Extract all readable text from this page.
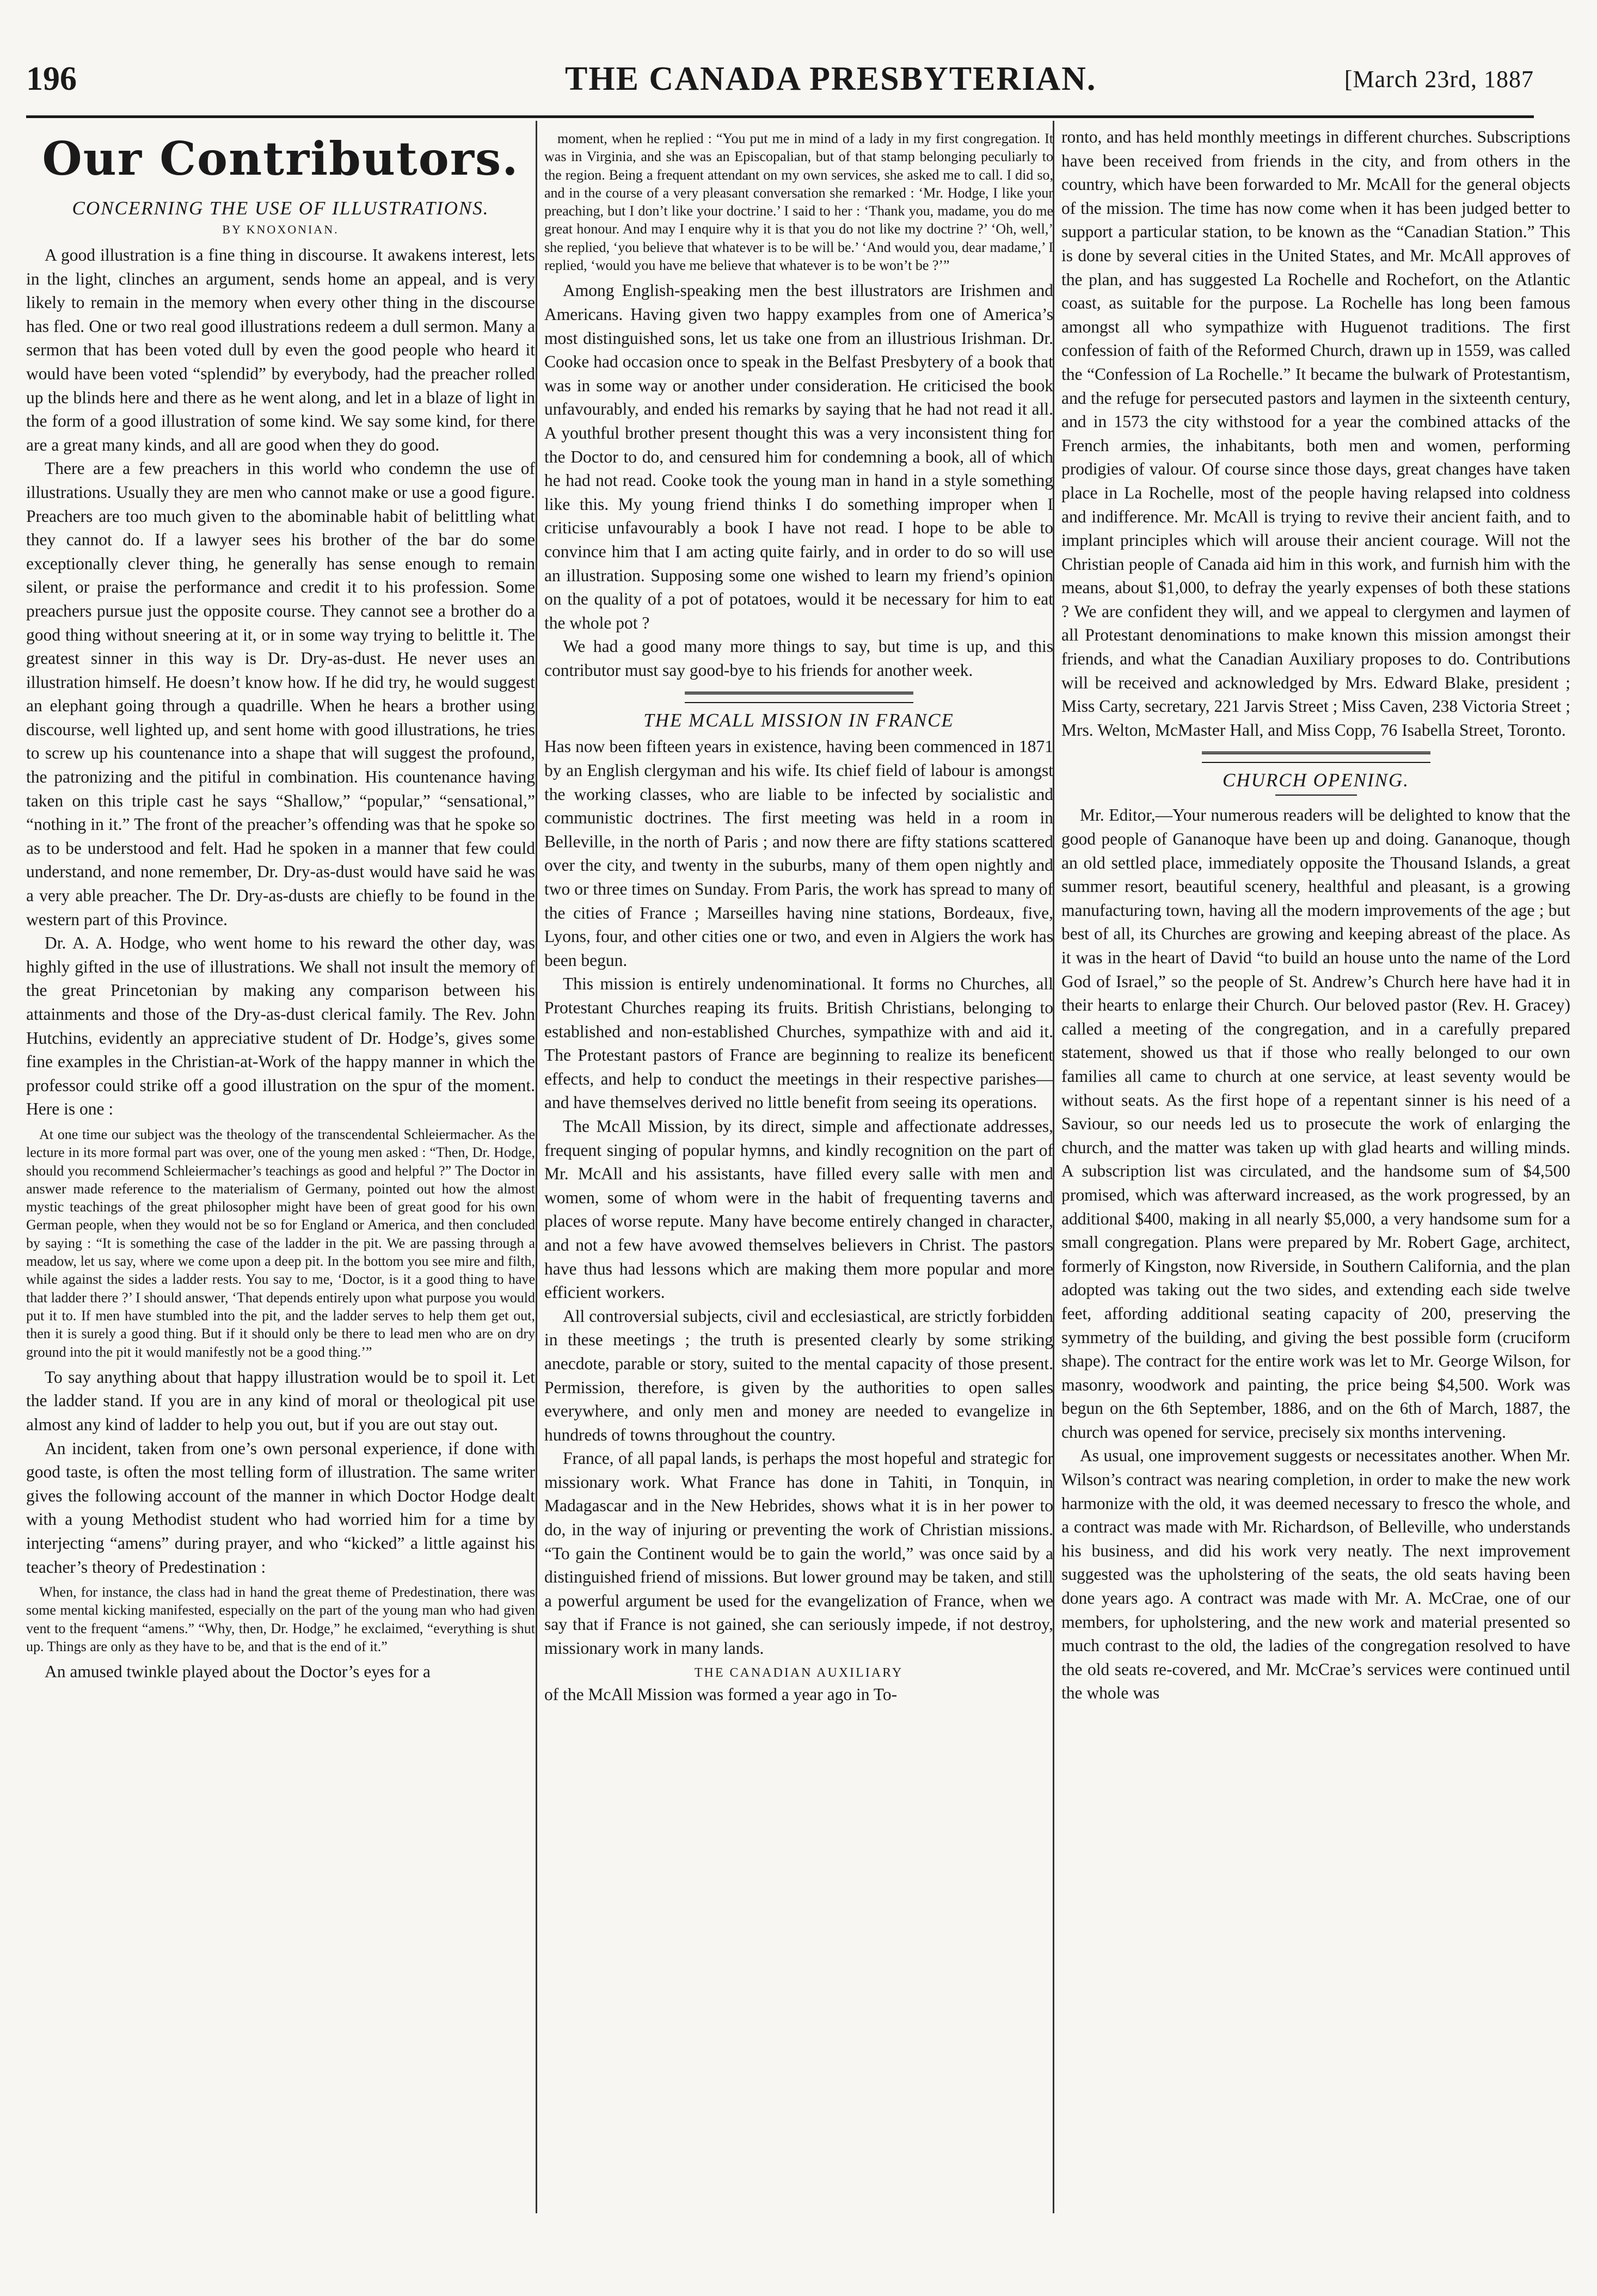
196	THE CANADA PRESBYTERIAN.	[March 23rd, 1887
Our Contributors.
CONCERNING THE USE OF ILLUSTRATIONS.
BY KNOXONIAN.

A good illustration is a fine thing in discourse. It awakens interest, lets in the light, clinches an argument, sends home an appeal, and is very likely to remain in the memory when every other thing in the discourse has fled. One or two real good illustrations redeem a dull sermon. Many a sermon that has been voted dull by even the good people who heard it would have been voted “splendid” by everybody, had the preacher rolled up the blinds here and there as he went along, and let in a blaze of light in the form of a good illustration of some kind. We say some kind, for there are a great many kinds, and all are good when they do good.

There are a few preachers in this world who condemn the use of illustrations. Usually they are men who cannot make or use a good figure. Preachers are too much given to the abominable habit of belittling what they cannot do. If a lawyer sees his brother of the bar do some exceptionally clever thing, he generally has sense enough to remain silent, or praise the performance and credit it to his profession. Some preachers pursue just the opposite course. They cannot see a brother do a good thing without sneering at it, or in some way trying to belittle it. The greatest sinner in this way is Dr. Dry-as-dust. He never uses an illustration himself. He doesn’t know how. If he did try, he would suggest an elephant going through a quadrille. When he hears a brother using discourse, well lighted up, and sent home with good illustrations, he tries to screw up his countenance into a shape that will suggest the profound, the patronizing and the pitiful in combination. His countenance having taken on this triple cast he says “Shallow,” “popular,” “sensational,” “nothing in it.” The front of the preacher’s offending was that he spoke so as to be understood and felt. Had he spoken in a manner that few could understand, and none remember, Dr. Dry-as-dust would have said he was a very able preacher. The Dr. Dry-as-dusts are chiefly to be found in the western part of this Province.

Dr. A. A. Hodge, who went home to his reward the other day, was highly gifted in the use of illustrations. We shall not insult the memory of the great Princetonian by making any comparison between his attainments and those of the Dry-as-dust clerical family. The Rev. John Hutchins, evidently an appreciative student of Dr. Hodge’s, gives some fine examples in the Christian-at-Work of the happy manner in which the professor could strike off a good illustration on the spur of the moment. Here is one :

At one time our subject was the theology of the transcendental Schleiermacher. As the lecture in its more formal part was over, one of the young men asked : “Then, Dr. Hodge, should you recommend Schleiermacher’s teachings as good and helpful ?” The Doctor in answer made reference to the materialism of Germany, pointed out how the almost mystic teachings of the great philosopher might have been of great good for his own German people, when they would not be so for England or America, and then concluded by saying : “It is something the case of the ladder in the pit. We are passing through a meadow, let us say, where we come upon a deep pit. In the bottom you see mire and filth, while against the sides a ladder rests. You say to me, ‘Doctor, is it a good thing to have that ladder there ?’ I should answer, ‘That depends entirely upon what purpose you would put it to. If men have stumbled into the pit, and the ladder serves to help them get out, then it is surely a good thing. But if it should only be there to lead men who are on dry ground into the pit it would manifestly not be a good thing.’”

To say anything about that happy illustration would be to spoil it. Let the ladder stand. If you are in any kind of moral or theological pit use almost any kind of ladder to help you out, but if you are out stay out.

An incident, taken from one’s own personal experience, if done with good taste, is often the most telling form of illustration. The same writer gives the following account of the manner in which Doctor Hodge dealt with a young Methodist student who had worried him for a time by interjecting “amens” during prayer, and who “kicked” a little against his teacher’s theory of Predestination :

When, for instance, the class had in hand the great theme of Predestination, there was some mental kicking manifested, especially on the part of the young man who had given vent to the frequent “amens.” “Why, then, Dr. Hodge,” he exclaimed, “everything is shut up. Things are only as they have to be, and that is the end of it.”

An amused twinkle played about the Doctor’s eyes for a

moment, when he replied : “You put me in mind of a lady in my first congregation. It was in Virginia, and she was an Episcopalian, but of that stamp belonging peculiarly to the region. Being a frequent attendant on my own services, she asked me to call. I did so, and in the course of a very pleasant conversation she remarked : ‘Mr. Hodge, I like your preaching, but I don’t like your doctrine.’ I said to her : ‘Thank you, madame, you do me great honour. And may I enquire why it is that you do not like my doctrine ?’ ‘Oh, well,’ she replied, ‘you believe that whatever is to be will be.’ ‘And would you, dear madame,’ I replied, ‘would you have me believe that whatever is to be won’t be ?’”

Among English-speaking men the best illustrators are Irishmen and Americans. Having given two happy examples from one of America’s most distinguished sons, let us take one from an illustrious Irishman. Dr. Cooke had occasion once to speak in the Belfast Presbytery of a book that was in some way or another under consideration. He criticised the book unfavourably, and ended his remarks by saying that he had not read it all. A youthful brother present thought this was a very inconsistent thing for the Doctor to do, and censured him for condemning a book, all of which he had not read. Cooke took the young man in hand in a style something like this. My young friend thinks I do something improper when I criticise unfavourably a book I have not read. I hope to be able to convince him that I am acting quite fairly, and in order to do so will use an illustration. Supposing some one wished to learn my friend’s opinion on the quality of a pot of potatoes, would it be necessary for him to eat the whole pot ?

We had a good many more things to say, but time is up, and this contributor must say good-bye to his friends for another week.

THE MCALL MISSION IN FRANCE

Has now been fifteen years in existence, having been commenced in 1871 by an English clergyman and his wife. Its chief field of labour is amongst the working classes, who are liable to be infected by socialistic and communistic doctrines. The first meeting was held in a room in Belleville, in the north of Paris ; and now there are fifty stations scattered over the city, and twenty in the suburbs, many of them open nightly and two or three times on Sunday. From Paris, the work has spread to many of the cities of France ; Marseilles having nine stations, Bordeaux, five, Lyons, four, and other cities one or two, and even in Algiers the work has been begun.

This mission is entirely undenominational. It forms no Churches, all Protestant Churches reaping its fruits. British Christians, belonging to established and non-established Churches, sympathize with and aid it. The Protestant pastors of France are beginning to realize its beneficent effects, and help to conduct the meetings in their respective parishes—and have themselves derived no little benefit from seeing its operations.

The McAll Mission, by its direct, simple and affectionate addresses, frequent singing of popular hymns, and kindly recognition on the part of Mr. McAll and his assistants, have filled every salle with men and women, some of whom were in the habit of frequenting taverns and places of worse repute. Many have become entirely changed in character, and not a few have avowed themselves believers in Christ. The pastors have thus had lessons which are making them more popular and more efficient workers.

All controversial subjects, civil and ecclesiastical, are strictly forbidden in these meetings ; the truth is presented clearly by some striking anecdote, parable or story, suited to the mental capacity of those present. Permission, therefore, is given by the authorities to open salles everywhere, and only men and money are needed to evangelize in hundreds of towns throughout the country.

France, of all papal lands, is perhaps the most hopeful and strategic for missionary work. What France has done in Tahiti, in Tonquin, in Madagascar and in the New Hebrides, shows what it is in her power to do, in the way of injuring or preventing the work of Christian missions. “To gain the Continent would be to gain the world,” was once said by a distinguished friend of missions. But lower ground may be taken, and still a powerful argument be used for the evangelization of France, when we say that if France is not gained, she can seriously impede, if not destroy, missionary work in many lands.

THE CANADIAN AUXILIARY

of the McAll Mission was formed a year ago in To-

ronto, and has held monthly meetings in different churches. Subscriptions have been received from friends in the city, and from others in the country, which have been forwarded to Mr. McAll for the general objects of the mission. The time has now come when it has been judged better to support a particular station, to be known as the “Canadian Station.” This is done by several cities in the United States, and Mr. McAll approves of the plan, and has suggested La Rochelle and Rochefort, on the Atlantic coast, as suitable for the purpose. La Rochelle has long been famous amongst all who sympathize with Huguenot traditions. The first confession of faith of the Reformed Church, drawn up in 1559, was called the “Confession of La Rochelle.” It became the bulwark of Protestantism, and the refuge for persecuted pastors and laymen in the sixteenth century, and in 1573 the city withstood for a year the combined attacks of the French armies, the inhabitants, both men and women, performing prodigies of valour. Of course since those days, great changes have taken place in La Rochelle, most of the people having relapsed into coldness and indifference. Mr. McAll is trying to revive their ancient faith, and to implant principles which will arouse their ancient courage. Will not the Christian people of Canada aid him in this work, and furnish him with the means, about $1,000, to defray the yearly expenses of both these stations ? We are confident they will, and we appeal to clergymen and laymen of all Protestant denominations to make known this mission amongst their friends, and what the Canadian Auxiliary proposes to do. Contributions will be received and acknowledged by Mrs. Edward Blake, president ; Miss Carty, secretary, 221 Jarvis Street ; Miss Caven, 238 Victoria Street ; Mrs. Welton, McMaster Hall, and Miss Copp, 76 Isabella Street, Toronto.

CHURCH OPENING.

Mr. Editor,—Your numerous readers will be delighted to know that the good people of Gananoque have been up and doing. Gananoque, though an old settled place, immediately opposite the Thousand Islands, a great summer resort, beautiful scenery, healthful and pleasant, is a growing manufacturing town, having all the modern improvements of the age ; but best of all, its Churches are growing and keeping abreast of the place. As it was in the heart of David “to build an house unto the name of the Lord God of Israel,” so the people of St. Andrew’s Church here have had it in their hearts to enlarge their Church. Our beloved pastor (Rev. H. Gracey) called a meeting of the congregation, and in a carefully prepared statement, showed us that if those who really belonged to our own families all came to church at one service, at least seventy would be without seats. As the first hope of a repentant sinner is his need of a Saviour, so our needs led us to prosecute the work of enlarging the church, and the matter was taken up with glad hearts and willing minds. A subscription list was circulated, and the handsome sum of $4,500 promised, which was afterward increased, as the work progressed, by an additional $400, making in all nearly $5,000, a very handsome sum for a small congregation. Plans were prepared by Mr. Robert Gage, architect, formerly of Kingston, now Riverside, in Southern California, and the plan adopted was taking out the two sides, and extending each side twelve feet, affording additional seating capacity of 200, preserving the symmetry of the building, and giving the best possible form (cruciform shape). The contract for the entire work was let to Mr. George Wilson, for masonry, woodwork and painting, the price being $4,500. Work was begun on the 6th September, 1886, and on the 6th of March, 1887, the church was opened for service, precisely six months intervening.

As usual, one improvement suggests or necessitates another. When Mr. Wilson’s contract was nearing completion, in order to make the new work harmonize with the old, it was deemed necessary to fresco the whole, and a contract was made with Mr. Richardson, of Belleville, who understands his business, and did his work very neatly. The next improvement suggested was the upholstering of the seats, the old seats having been done years ago. A contract was made with Mr. A. McCrae, one of our members, for upholstering, and the new work and material presented so much contrast to the old, the ladies of the congregation resolved to have the old seats re-covered, and Mr. McCrae’s services were continued until the whole was
